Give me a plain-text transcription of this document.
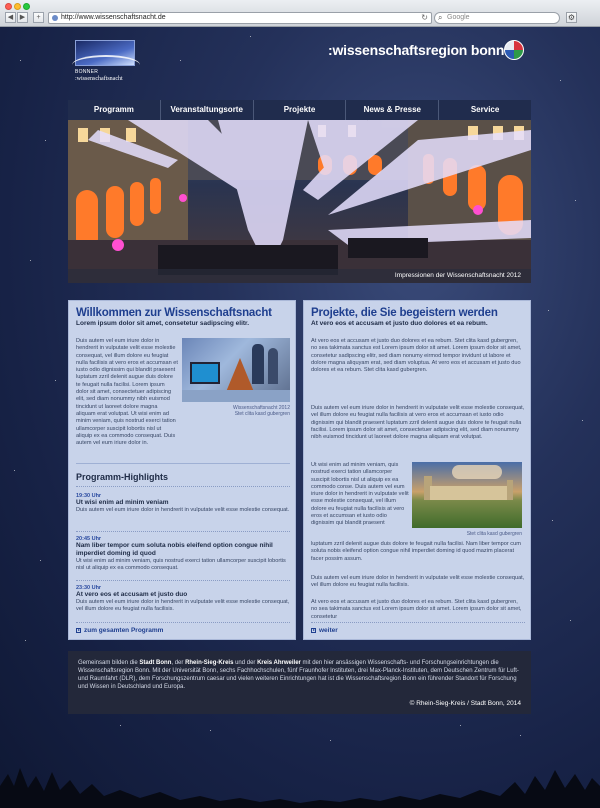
◀ ▶	+	http://www.wissenschaftsnacht.de	↻ ⌕ Google	⚙
BONNER
:wissenschaftsnacht
:wissenschaftsregion bonn
Programm	Veranstaltungsorte	Projekte	News & Presse	Service
Impressionen der Wissenschaftsnacht 2012
Willkommen zur Wissenschaftsnacht
Lorem ipsum dolor sit amet, consetetur sadipscing elitr.
Duis autem vel eum iriure dolor in hendrerit in vulputate velit esse molestie consequat, vel illum dolore eu feugiat nulla facilisis at vero eros et accumsan et iusto odio dignissim qui blandit praesent luptatum zzril delenit augue duis dolore te feugait nulla facilisi. Lorem ipsum dolor sit amet, consectetuer adipiscing elit, sed diam nonummy nibh euismod tincidunt ut laoreet dolore magna aliquam erat volutpat. Ut wisi enim ad minim veniam, quis nostrud exerci tation ullamcorper suscipit lobortis nisl ut aliquip ex ea commodo consequat. Duis autem vel eum iriure dolor in.
Wissenschaftsnacht 2012
Stet clita kasd gubergren
Programm-Highlights
19:30 Uhr
Ut wisi enim ad minim veniam
Duis autem vel eum iriure dolor in hendrerit in vulputate velit esse molestie consequat.
20:45 Uhr
Nam liber tempor cum soluta nobis eleifend option congue nihil imperdiet doming id quod
Ut wisi enim ad minim veniam, quis nostrud exerci tation ullamcorper suscipit lobortis nisl ut aliquip ex ea commodo consequat.
23:30 Uhr
At vero eos et accusam et justo duo
Duis autem vel eum iriure dolor in hendrerit in vulputate velit esse molestie consequat, vel illum dolore eu feugiat nulla facilisis.
zum gesamten Programm
Projekte, die Sie begeistern werden
At vero eos et accusam et justo duo dolores et ea rebum.
At vero eos et accusam et justo duo dolores et ea rebum. Stet clita kasd gubergren, no sea takimata sanctus est Lorem ipsum dolor sit amet. Lorem ipsum dolor sit amet, consetetur sadipscing elitr, sed diam nonumy eirmod tempor invidunt ut labore et dolore magna aliquyam erat, sed diam voluptua. At vero eos et accusam et justo duo dolores et ea rebum. Stet clita kasd gubergren.
Duis autem vel eum iriure dolor in hendrerit in vulputate velit esse molestie consequat, vel illum dolore eu feugiat nulla facilisis at vero eros et accumsan et iusto odio dignissim qui blandit praesent luptatum zzril delenit augue duis dolore te feugait nulla facilisi. Lorem ipsum dolor sit amet, consectetuer adipiscing elit, sed diam nonummy nibh euismod tincidunt ut laoreet dolore magna aliquam erat volutpat.
Ut wisi enim ad minim veniam, quis nostrud exerci tation ullamcorper suscipit lobortis nisl ut aliquip ex ea commodo conse. Duis autem vel eum iriure dolor in hendrerit in vulputate velit esse molestie consequat, vel illum dolore eu feugiat nulla facilisis at vero eros et accumsan et iusto odio dignissim qui blandit praesent
Stet clita kasd gubergren
luptatum zzril delenit augue duis dolore te feugait nulla facilisi. Nam liber tempor cum soluta nobis eleifend option congue nihil imperdiet doming id quod mazim placerat facer possim assum.
Duis autem vel eum iriure dolor in hendrerit in vulputate velit esse molestie consequat, vel illum dolore eu feugiat nulla facilisis.
At vero eos et accusam et justo duo dolores et ea rebum. Stet clita kasd gubergren, no sea takimata sanctus est Lorem ipsum dolor sit amet. Lorem ipsum dolor sit amet, consetetur
weiter
Gemeinsam bilden die Stadt Bonn, der Rhein-Sieg-Kreis und der Kreis Ahrweiler mit den hier ansässigen Wissenschafts- und Forschungseinrichtungen die Wissenschaftsregion Bonn. Mit der Universität Bonn, sechs Fachhochschulen, fünf Fraunhofer Instituten, drei Max-Planck-Instituten, dem Deutschen Zentrum für Luft- und Raumfahrt (DLR), dem Forschungszentrum caesar und vielen weiteren Einrichtungen hat ist die Wissenschaftsregion Bonn ein führender Standort für Forschung und Wissen in Deutschland und Europa.
© Rhein-Sieg-Kreis / Stadt Bonn, 2014
